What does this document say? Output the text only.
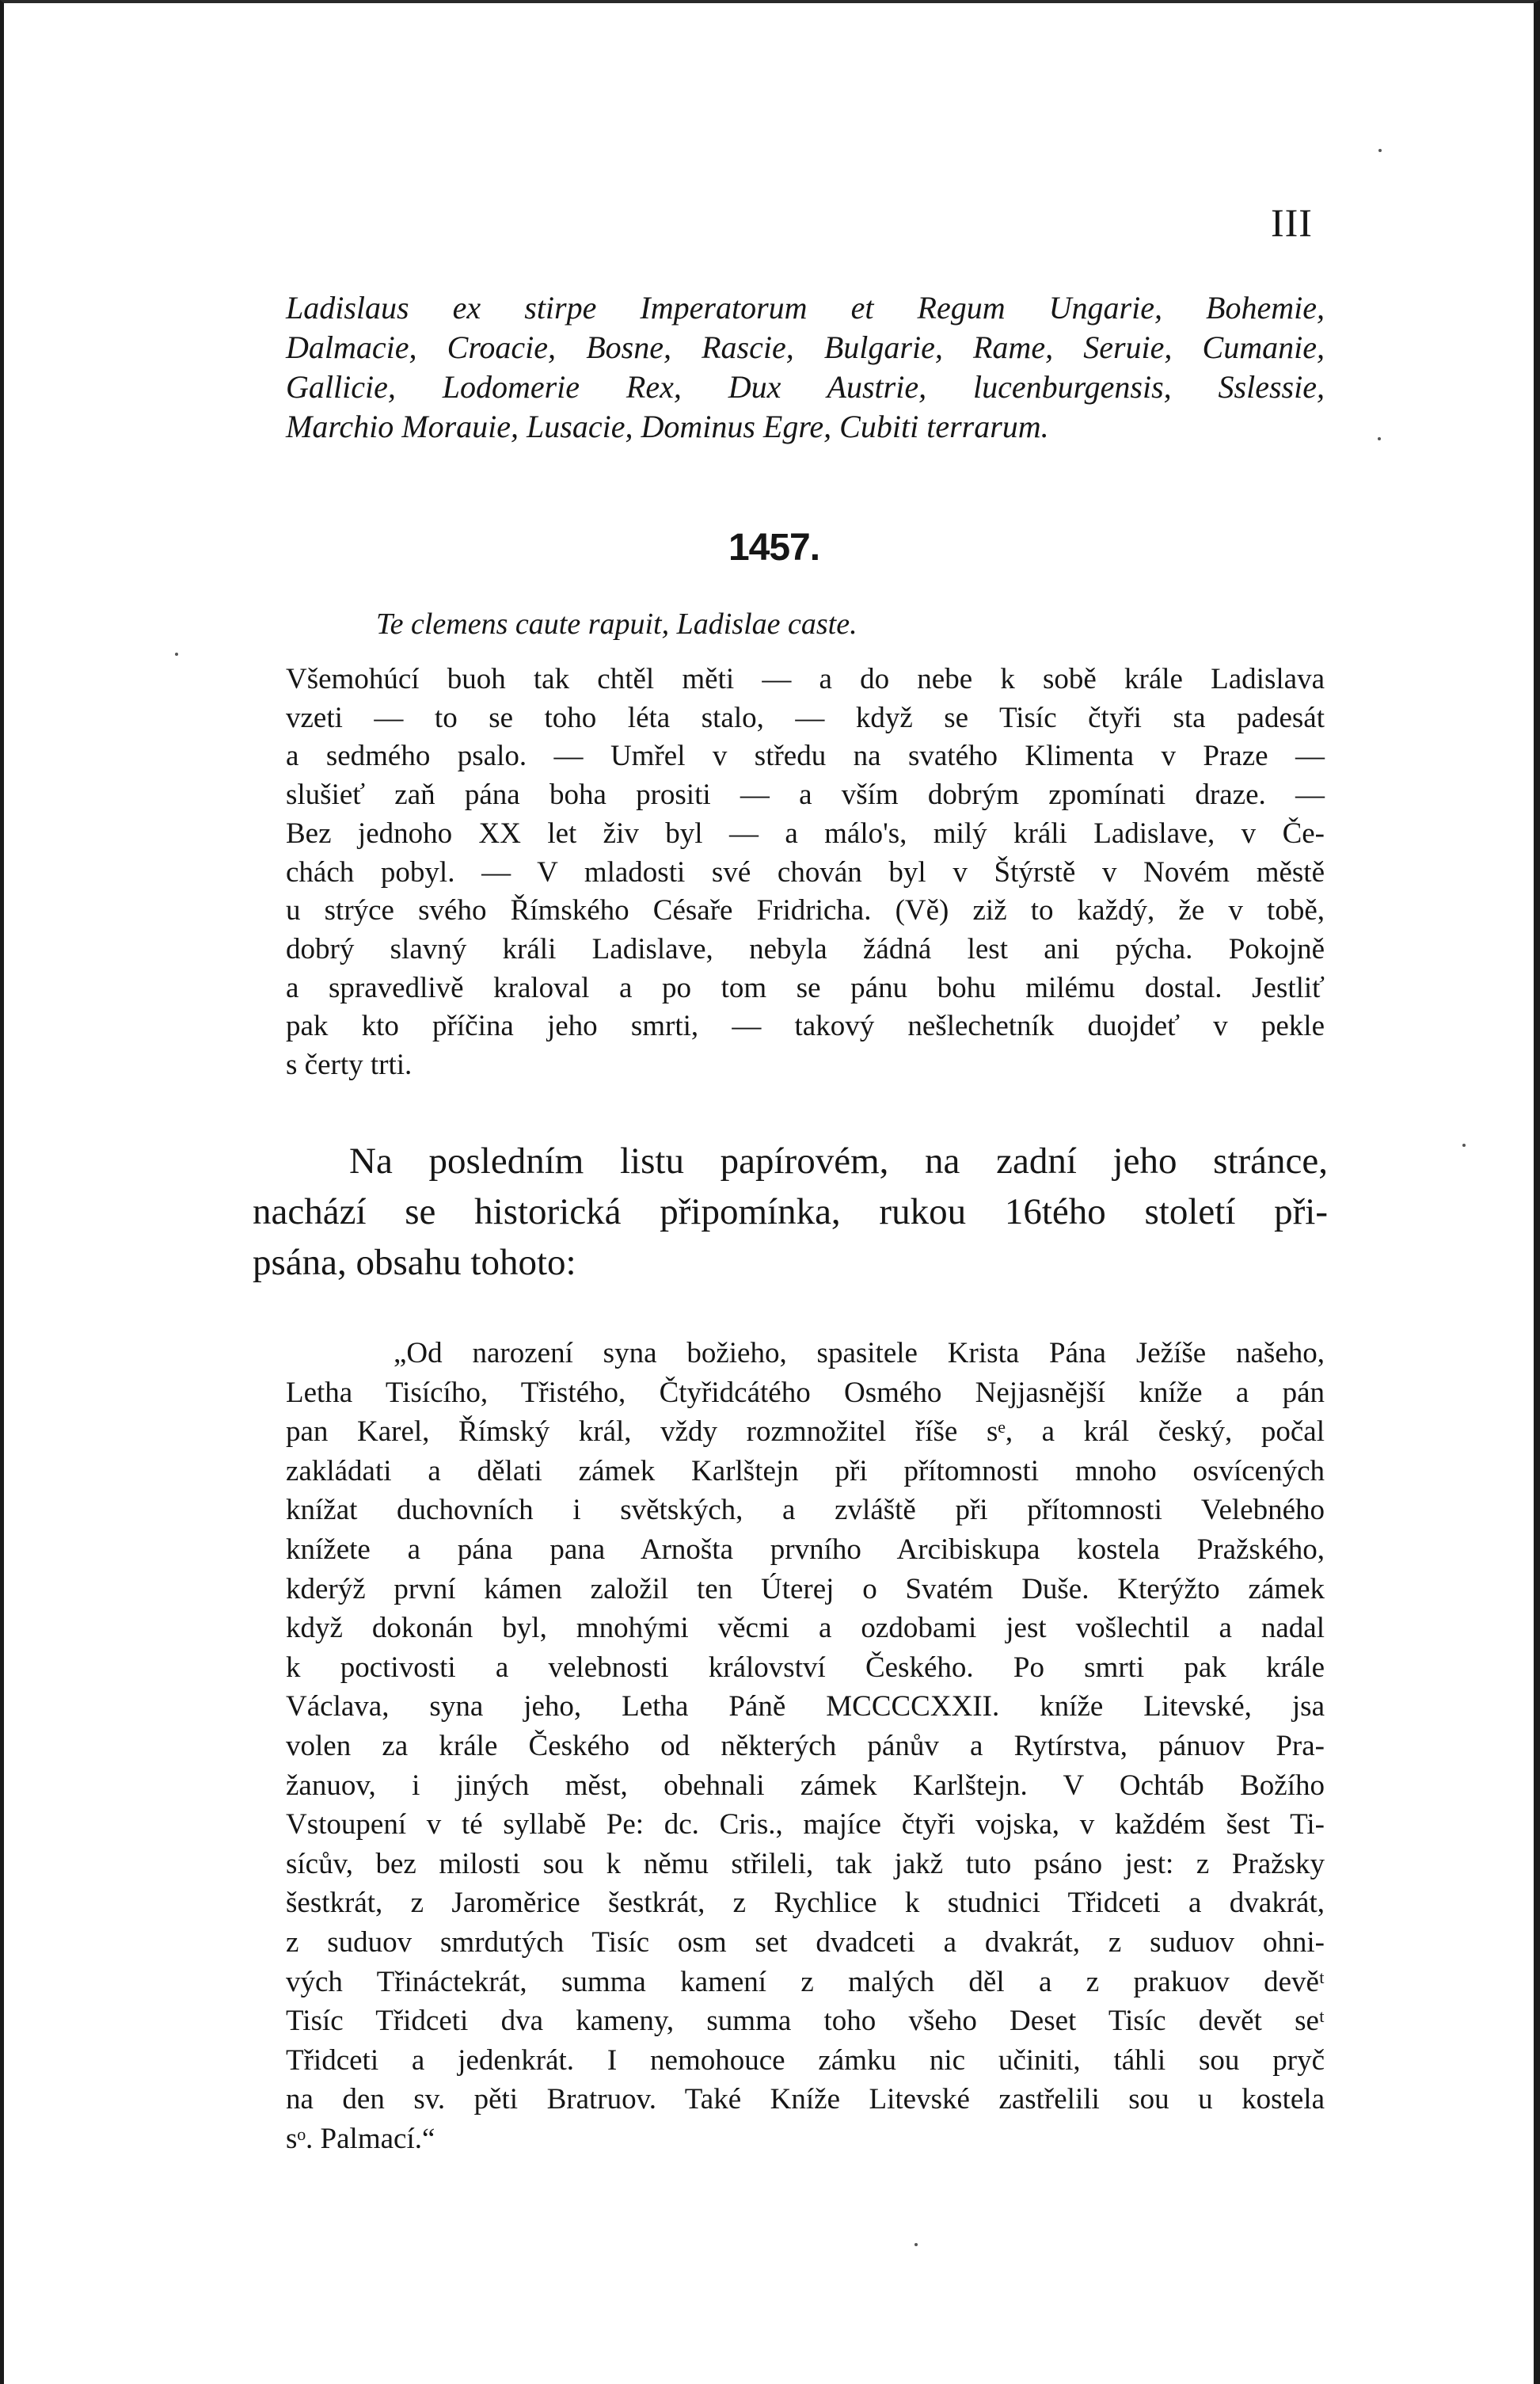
III
Ladislaus ex stirpe Imperatorum et Regum Ungarie, Bohemie,
Dalmacie, Croacie, Bosne, Rascie, Bulgarie, Rame, Seruie, Cumanie,
Gallicie, Lodomerie Rex, Dux Austrie, lucenburgensis, Sslessie,
Marchio Morauie, Lusacie, Dominus Egre, Cubiti terrarum.
1457.
Te clemens caute rapuit, Ladislae caste.
Všemohúcí buoh tak chtěl měti — a do nebe k sobě krále Ladislava
vzeti — to se toho léta stalo, — když se Tisíc čtyři sta padesát
a sedmého psalo. — Umřel v středu na svatého Klimenta v Praze —
slušieť zaň pána boha prositi — a vším dobrým zpomínati draze. —
Bez jednoho XX let živ byl — a málo's, milý králi Ladislave, v Če-
chách pobyl. — V mladosti své chován byl v Štýrstě v Novém městě
u strýce svého Římského Césaře Fridricha. (Vě) zіž to každý, že v tobě,
dobrý slavný králi Ladislave, nebyla žádná lest ani pýcha. Pokojně
a spravedlivě kraloval a po tom se pánu bohu milému dostal. Jestliť
pak kto příčina jeho smrti, — takový nešlechetník duojdeť v pekle
s čerty trti.
Na posledním listu papírovém, na zadní jeho stránce,
nachází se historická připomínka, rukou 16tého století při-
psána, obsahu tohoto:
„Od narození syna božieho, spasitele Krista Pána Ježíše našeho,
Letha Tisícího, Třistého, Čtyřidcátého Osmého Nejjasnější kníže a pán
pan Karel, Římský král, vždy rozmnožitel říše sᵉ, a král český, počal
zakládati a dělati zámek Karlštejn při přítomnosti mnoho osvícených
knížat duchovních i světských, a zvláště při přítomnosti Velebného
knížete a pána pana Arnošta prvního Arcibiskupa kostela Pražského,
kderýž první kámen založil ten Úterej o Svatém Duše. Kterýžto zámek
když dokonán byl, mnohými věcmi a ozdobami jest vošlechtil a nadal
k poctivosti a velebnosti království Českého. Po smrti pak krále
Václava, syna jeho, Letha Páně MCCCCXXII. kníže Litevské, jsa
volen za krále Českého od některých pánův a Rytírstva, pánuov Pra-
žanuov, i jiných měst, obehnali zámek Karlštejn. V Ochtáb Božího
Vstoupení v té syllabě Pe: dc. Cris., majíce čtyři vojska, v každém šest Ti-
sícův, bez milosti sou k němu střileli, tak jakž tuto psáno jest: z Pražsky
šestkrát, z Jaroměrice šestkrát, z Rychlice k studnici Třidceti a dvakrát,
z suduov smrdutých Tisíc osm set dvadceti a dvakrát, z suduov ohni-
vých Třináctekrát, summa kamení z malých děl a z prakuov devěᵗ
Tisíc Třidceti dva kameny, summa toho všeho Deset Tisíc devět seᵗ
Třidceti a jedenkrát. I nemohouce zámku nic učiniti, táhli sou pryč
na den sv. pěti Bratruov. Také Kníže Litevské zastřelili sou u kostela
sᵒ. Palmací.“
